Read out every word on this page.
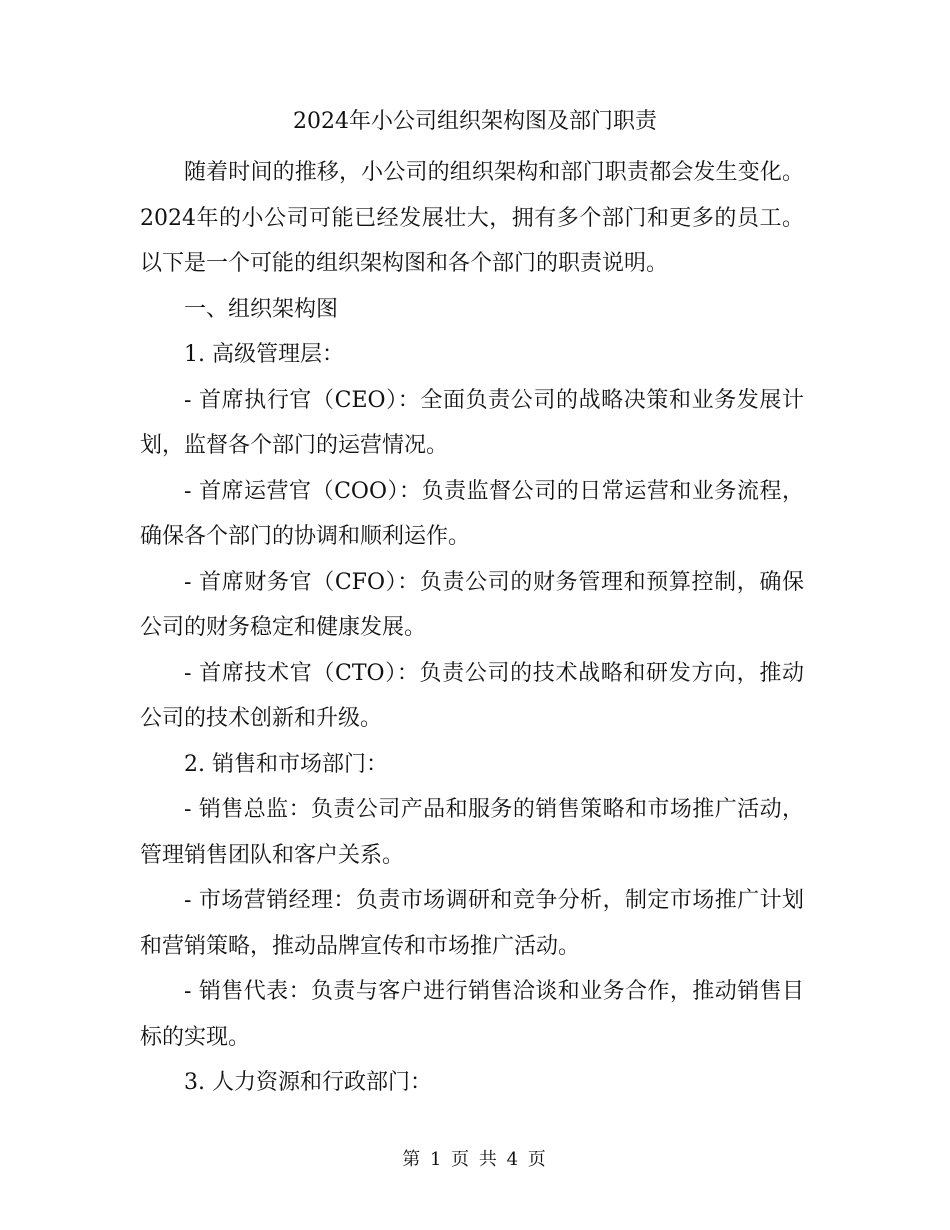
2024年小公司组织架构图及部门职责

随着时间的推移，小公司的组织架构和部门职责都会发生变化。2024年的小公司可能已经发展壮大，拥有多个部门和更多的员工。以下是一个可能的组织架构图和各个部门的职责说明。

一、组织架构图

1. 高级管理层：

- 首席执行官（CEO）：全面负责公司的战略决策和业务发展计划，监督各个部门的运营情况。

- 首席运营官（COO）：负责监督公司的日常运营和业务流程，确保各个部门的协调和顺利运作。

- 首席财务官（CFO）：负责公司的财务管理和预算控制，确保公司的财务稳定和健康发展。

- 首席技术官（CTO）：负责公司的技术战略和研发方向，推动公司的技术创新和升级。

2. 销售和市场部门：

- 销售总监：负责公司产品和服务的销售策略和市场推广活动，管理销售团队和客户关系。

- 市场营销经理：负责市场调研和竞争分析，制定市场推广计划和营销策略，推动品牌宣传和市场推广活动。

- 销售代表：负责与客户进行销售洽谈和业务合作，推动销售目标的实现。

3. 人力资源和行政部门：

第 1 页 共 4 页
